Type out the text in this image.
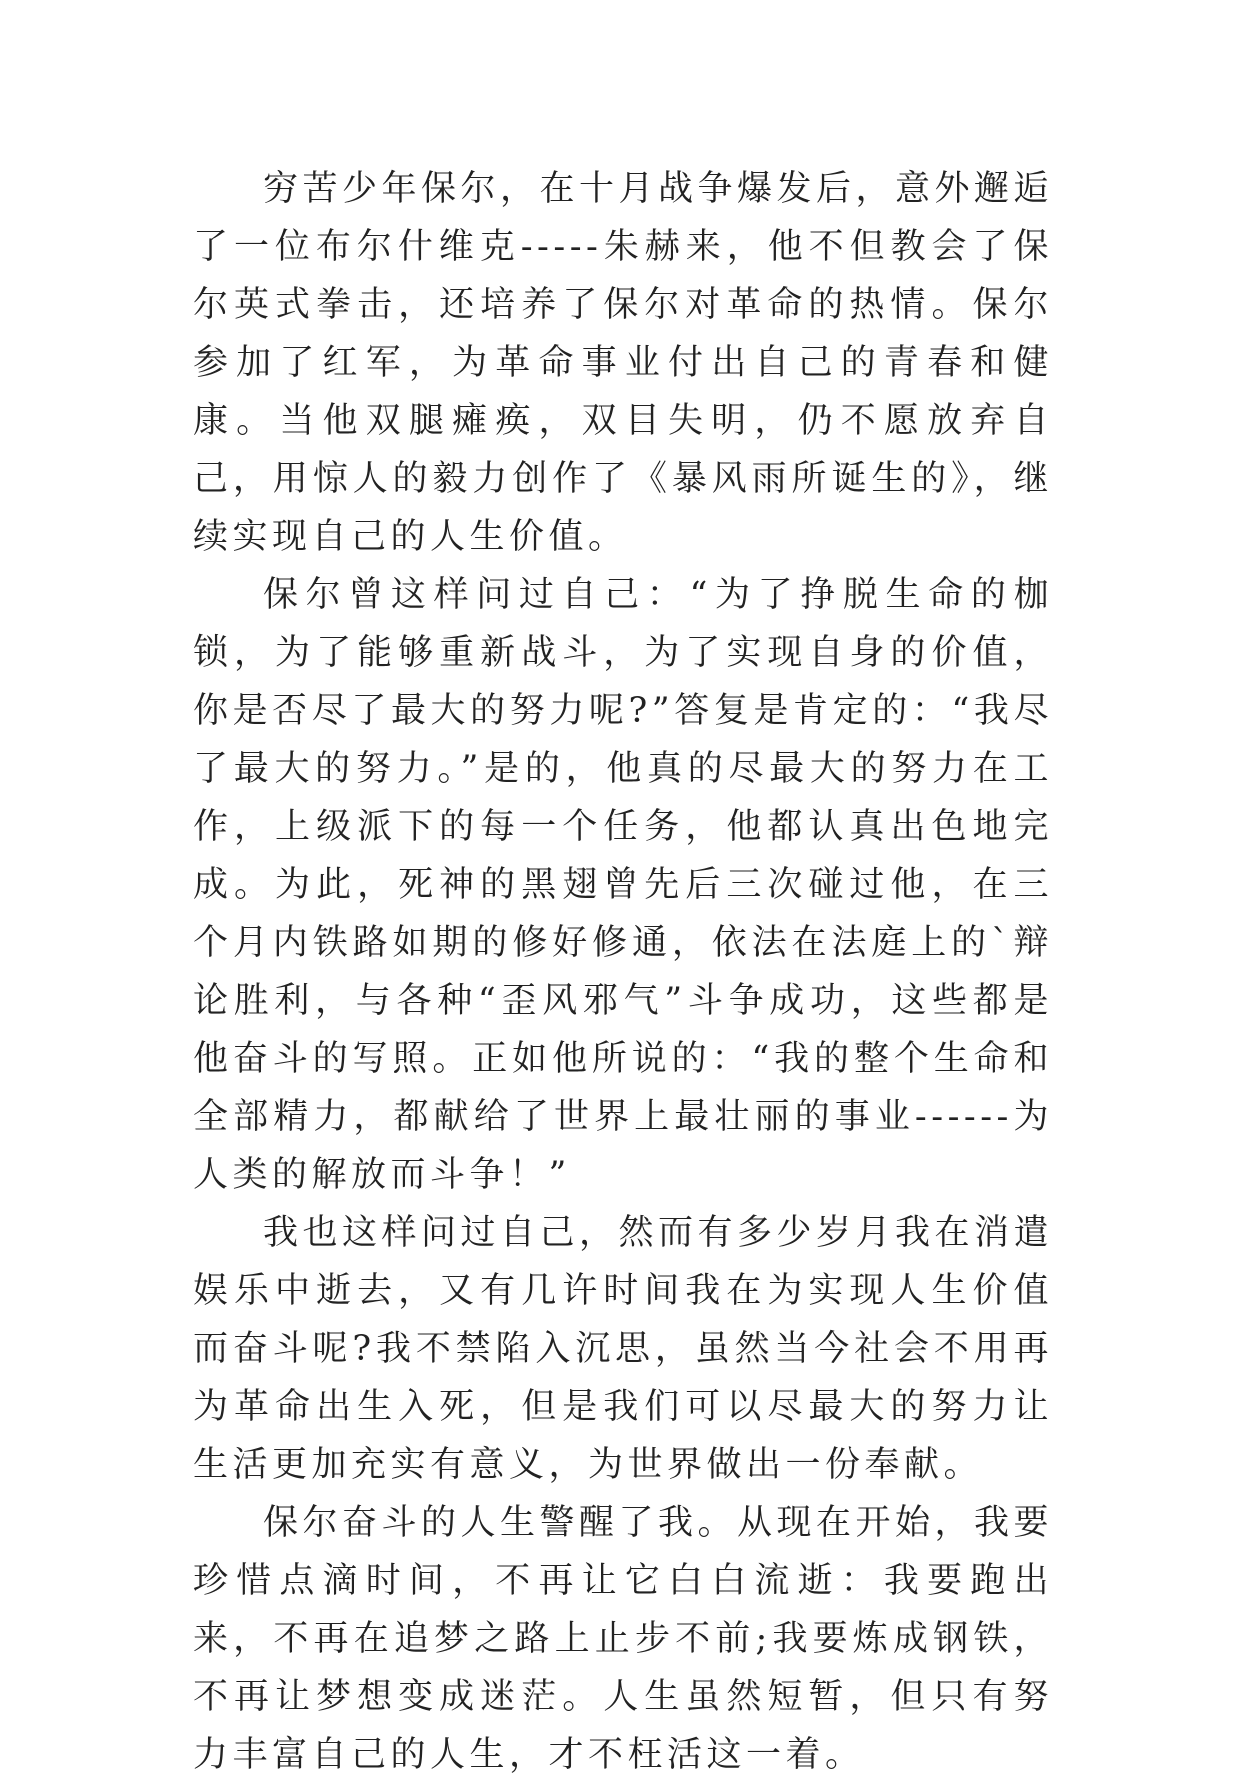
穷苦少年保尔，在十月战争爆发后，意外邂逅了一位布尔什维克-----朱赫来，他不但教会了保尔英式拳击，还培养了保尔对革命的热情。保尔参加了红军，为革命事业付出自己的青春和健康。当他双腿瘫痪，双目失明，仍不愿放弃自己，用惊人的毅力创作了《暴风雨所诞生的》，继续实现自己的人生价值。

保尔曾这样问过自己：“为了挣脱生命的枷锁，为了能够重新战斗，为了实现自身的价值，你是否尽了最大的努力呢?”答复是肯定的：“我尽了最大的努力。”是的，他真的尽最大的努力在工作，上级派下的每一个任务，他都认真出色地完成。为此，死神的黑翅曾先后三次碰过他，在三个月内铁路如期的修好修通，依法在法庭上的`辩论胜利，与各种“歪风邪气”斗争成功，这些都是他奋斗的写照。正如他所说的：“我的整个生命和全部精力，都献给了世界上最壮丽的事业------为人类的解放而斗争！”

我也这样问过自己，然而有多少岁月我在消遣娱乐中逝去，又有几许时间我在为实现人生价值而奋斗呢?我不禁陷入沉思，虽然当今社会不用再为革命出生入死，但是我们可以尽最大的努力让生活更加充实有意义，为世界做出一份奉献。

保尔奋斗的人生警醒了我。从现在开始，我要珍惜点滴时间，不再让它白白流逝：我要跑出来，不再在追梦之路上止步不前;我要炼成钢铁，不再让梦想变成迷茫。人生虽然短暂，但只有努力丰富自己的人生，才不枉活这一着。
